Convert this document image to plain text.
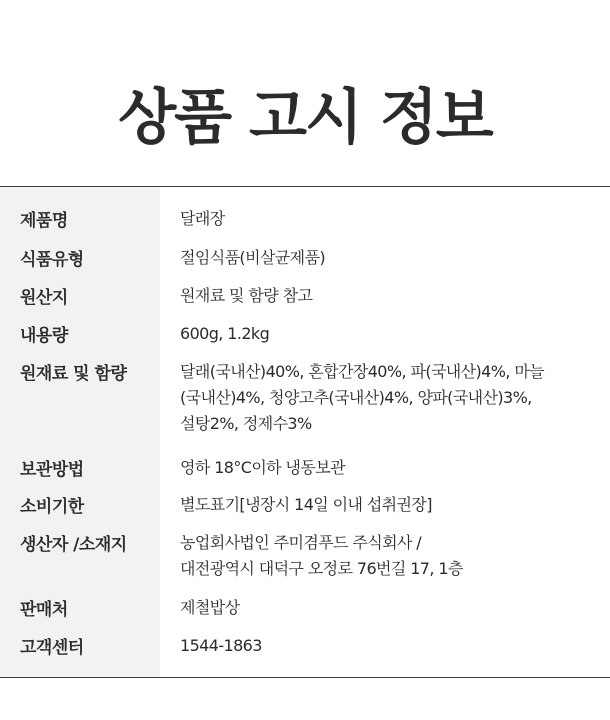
상품 고시 정보
제품명	달래장
식품유형	절임식품(비살균제품)
원산지	원재료 및 함량 참고
내용량	600g, 1.2kg
원재료 및 함량	달래(국내산)40%, 혼합간장40%, 파(국내산)4%, 마늘
(국내산)4%, 청양고추(국내산)4%, 양파(국내산)3%,
설탕2%, 정제수3%
보관방법	영하 18°C이하 냉동보관
소비기한	별도표기[냉장시 14일 이내 섭취권장]
생산자 /소재지	농업회사법인 주미겸푸드 주식회사 /
대전광역시 대덕구 오정로 76번길 17, 1층
판매처	제철밥상
고객센터	1544-1863
